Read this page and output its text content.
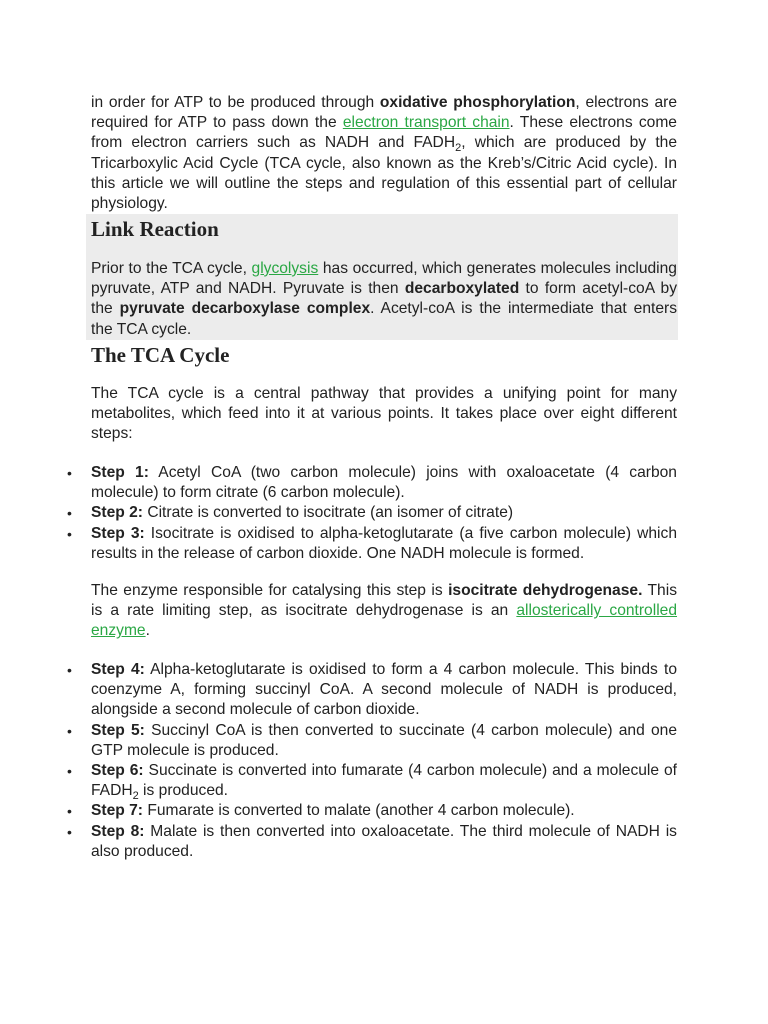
in order for ATP to be produced through oxidative phosphorylation, electrons are required for ATP to pass down the electron transport chain. These electrons come from electron carriers such as NADH and $FADH_2$, which are produced by the Tricarboxylic Acid Cycle (TCA cycle, also known as the Kreb’s/Citric Acid cycle). In this article we will outline the steps and regulation of this essential part of cellular physiology.

Link Reaction

Prior to the TCA cycle, glycolysis has occurred, which generates molecules including pyruvate, ATP and NADH. Pyruvate is then decarboxylated to form acetyl-coA by the pyruvate decarboxylase complex. Acetyl-coA is the intermediate that enters the TCA cycle.

The TCA Cycle

The TCA cycle is a central pathway that provides a unifying point for many metabolites, which feed into it at various points. It takes place over eight different steps:

• Step 1: Acetyl CoA (two carbon molecule) joins with oxaloacetate (4 carbon molecule) to form citrate (6 carbon molecule).
• Step 2: Citrate is converted to isocitrate (an isomer of citrate)
• Step 3: Isocitrate is oxidised to alpha-ketoglutarate (a five carbon molecule) which results in the release of carbon dioxide. One NADH molecule is formed.

The enzyme responsible for catalysing this step is isocitrate dehydrogenase. This is a rate limiting step, as isocitrate dehydrogenase is an allosterically controlled enzyme.

• Step 4: Alpha-ketoglutarate is oxidised to form a 4 carbon molecule. This binds to coenzyme A, forming succinyl CoA. A second molecule of NADH is produced, alongside a second molecule of carbon dioxide.
• Step 5: Succinyl CoA is then converted to succinate (4 carbon molecule) and one GTP molecule is produced.
• Step 6: Succinate is converted into fumarate (4 carbon molecule) and a molecule of $FADH_2$ is produced.
• Step 7: Fumarate is converted to malate (another 4 carbon molecule).
• Step 8: Malate is then converted into oxaloacetate. The third molecule of NADH is also produced.
